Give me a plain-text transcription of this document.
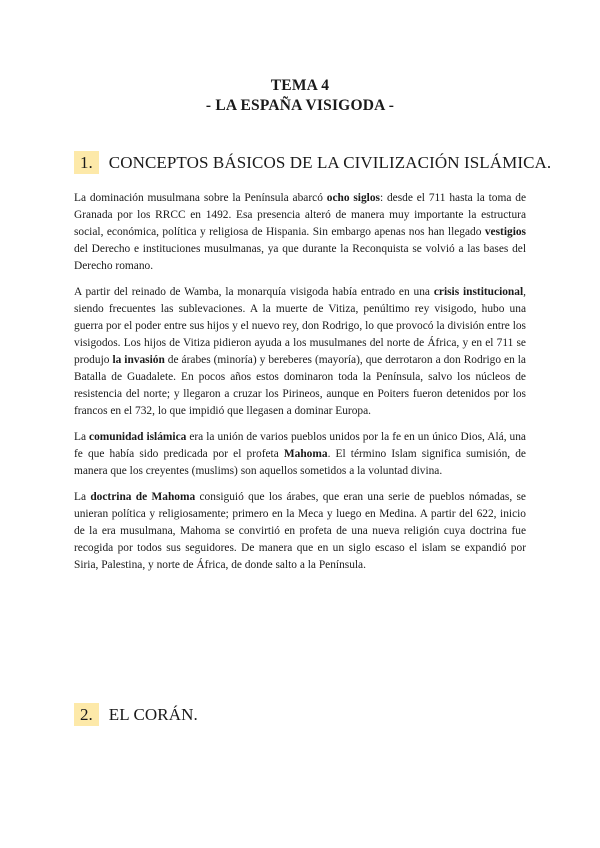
TEMA 4
- LA ESPAÑA VISIGODA -
1. CONCEPTOS BÁSICOS DE LA CIVILIZACIÓN ISLÁMICA.

La dominación musulmana sobre la Península abarcó ocho siglos: desde el 711 hasta la toma de Granada por los RRCC en 1492. Esa presencia alteró de manera muy importante la estructura social, económica, política y religiosa de Hispania. Sin embargo apenas nos han llegado vestigios del Derecho e instituciones musulmanas, ya que durante la Reconquista se volvió a las bases del Derecho romano.

A partir del reinado de Wamba, la monarquía visigoda había entrado en una crisis institucional, siendo frecuentes las sublevaciones. A la muerte de Vitiza, penúltimo rey visigodo, hubo una guerra por el poder entre sus hijos y el nuevo rey, don Rodrigo, lo que provocó la división entre los visigodos. Los hijos de Vitiza pidieron ayuda a los musulmanes del norte de África, y en el 711 se produjo la invasión de árabes (minoría) y bereberes (mayoría), que derrotaron a don Rodrigo en la Batalla de Guadalete. En pocos años estos dominaron toda la Península, salvo los núcleos de resistencia del norte; y llegaron a cruzar los Pirineos, aunque en Poiters fueron detenidos por los francos en el 732, lo que impidió que llegasen a dominar Europa.

La comunidad islámica era la unión de varios pueblos unidos por la fe en un único Dios, Alá, una fe que había sido predicada por el profeta Mahoma. El término Islam significa sumisión, de manera que los creyentes (muslims) son aquellos sometidos a la voluntad divina.

La doctrina de Mahoma consiguió que los árabes, que eran una serie de pueblos nómadas, se unieran política y religiosamente; primero en la Meca y luego en Medina. A partir del 622, inicio de la era musulmana, Mahoma se convirtió en profeta de una nueva religión cuya doctrina fue recogida por todos sus seguidores. De manera que en un siglo escaso el islam se expandió por Siria, Palestina, y norte de África, de donde salto a la Península.

2. EL CORÁN.
